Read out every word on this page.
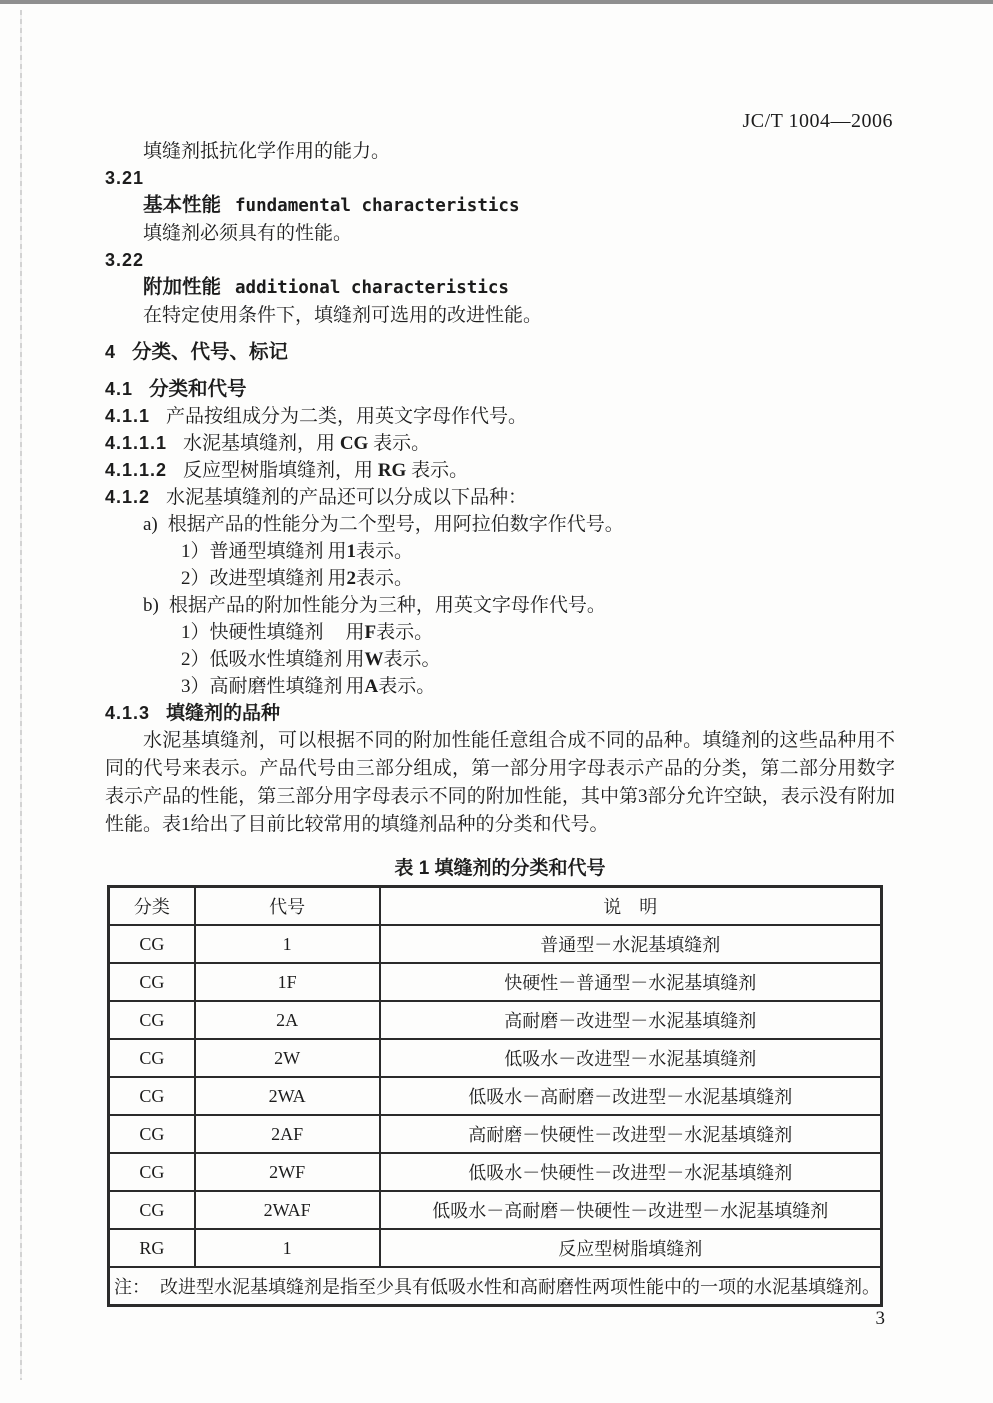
JC/T 1004—2006

填缝剂抵抗化学作用的能力。

3.21

基本性能 fundamental characteristics

填缝剂必须具有的性能。

3.22

附加性能 additional characteristics

在特定使用条件下，填缝剂可选用的改进性能。

4 分类、代号、标记

4.1 分类和代号

4.1.1 产品按组成分为二类，用英文字母作代号。

4.1.1.1 水泥基填缝剂，用 CG 表示。

4.1.1.2 反应型树脂填缝剂，用 RG 表示。

4.1.2 水泥基填缝剂的产品还可以分成以下品种：

a) 根据产品的性能分为二个型号，用阿拉伯数字作代号。

1）普通型填缝剂 用1表示。

2）改进型填缝剂 用2表示。

b) 根据产品的附加性能分为三种，用英文字母作代号。

1）快硬性填缝剂 用F表示。

2）低吸水性填缝剂 用W表示。

3）高耐磨性填缝剂 用A表示。

4.1.3 填缝剂的品种

水泥基填缝剂，可以根据不同的附加性能任意组合成不同的品种。填缝剂的这些品种用不同的代号来表示。产品代号由三部分组成，第一部分用字母表示产品的分类，第二部分用数字表示产品的性能，第三部分用字母表示不同的附加性能，其中第3部分允许空缺，表示没有附加性能。表1给出了目前比较常用的填缝剂品种的分类和代号。

表 1 填缝剂的分类和代号

分类	代号	说　明
CG	1	普通型－水泥基填缝剂
CG	1F	快硬性－普通型－水泥基填缝剂
CG	2A	高耐磨－改进型－水泥基填缝剂
CG	2W	低吸水－改进型－水泥基填缝剂
CG	2WA	低吸水－高耐磨－改进型－水泥基填缝剂
CG	2AF	高耐磨－快硬性－改进型－水泥基填缝剂
CG	2WF	低吸水－快硬性－改进型－水泥基填缝剂
CG	2WAF	低吸水－高耐磨－快硬性－改进型－水泥基填缝剂
RG	1	反应型树脂填缝剂
注： 改进型水泥基填缝剂是指至少具有低吸水性和高耐磨性两项性能中的一项的水泥基填缝剂。		
3
